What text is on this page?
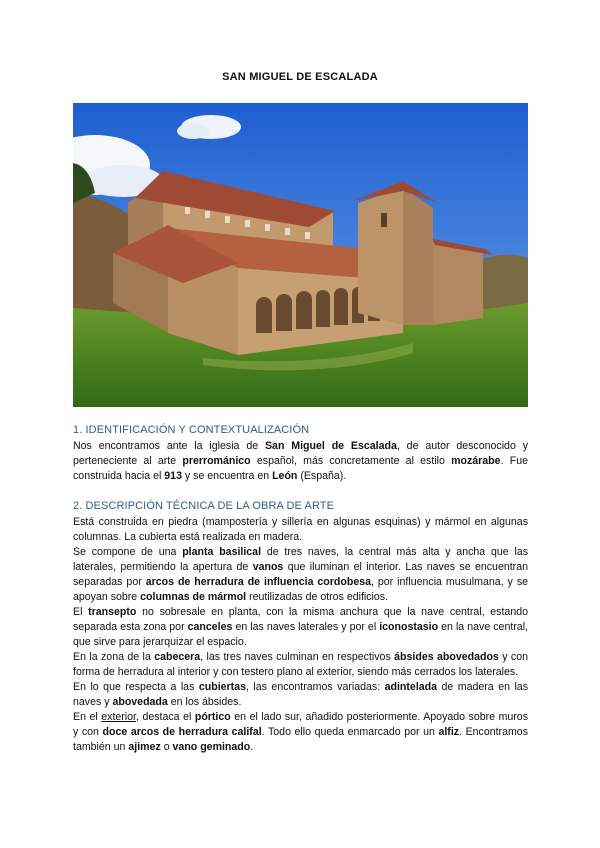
SAN MIGUEL DE ESCALADA
1. IDENTIFICACIÓN Y CONTEXTUALIZACIÓN

Nos encontramos ante la iglesia de San Miguel de Escalada, de autor desconocido y perteneciente al arte prerrománico español, más concretamente al estilo mozárabe. Fue construida hacia el 913 y se encuentra en León (España).

2. DESCRIPCIÓN TÉCNICA DE LA OBRA DE ARTE

Está construida en piedra (mampostería y sillería en algunas esquinas) y mármol en algunas columnas. La cubierta está realizada en madera.

Se compone de una planta basilical de tres naves, la central más alta y ancha que las laterales, permitiendo la apertura de vanos que iluminan el interior. Las naves se encuentran separadas por arcos de herradura de influencia cordobesa, por influencia musulmana, y se apoyan sobre columnas de mármol reutilizadas de otros edificios.

El transepto no sobresale en planta, con la misma anchura que la nave central, estando separada esta zona por canceles en las naves laterales y por el iconostasio en la nave central, que sirve para jerarquizar el espacio.

En la zona de la cabecera, las tres naves culminan en respectivos ábsides abovedados y con forma de herradura al interior y con testero plano al exterior, siendo más cerrados los laterales.

En lo que respecta a las cubiertas, las encontramos variadas: adintelada de madera en las naves y abovedada en los ábsides.

En el exterior, destaca el pórtico en el lado sur, añadido posteriormente. Apoyado sobre muros y con doce arcos de herradura califal. Todo ello queda enmarcado por un alfiz. Encontramos también un ajimez o vano geminado.
